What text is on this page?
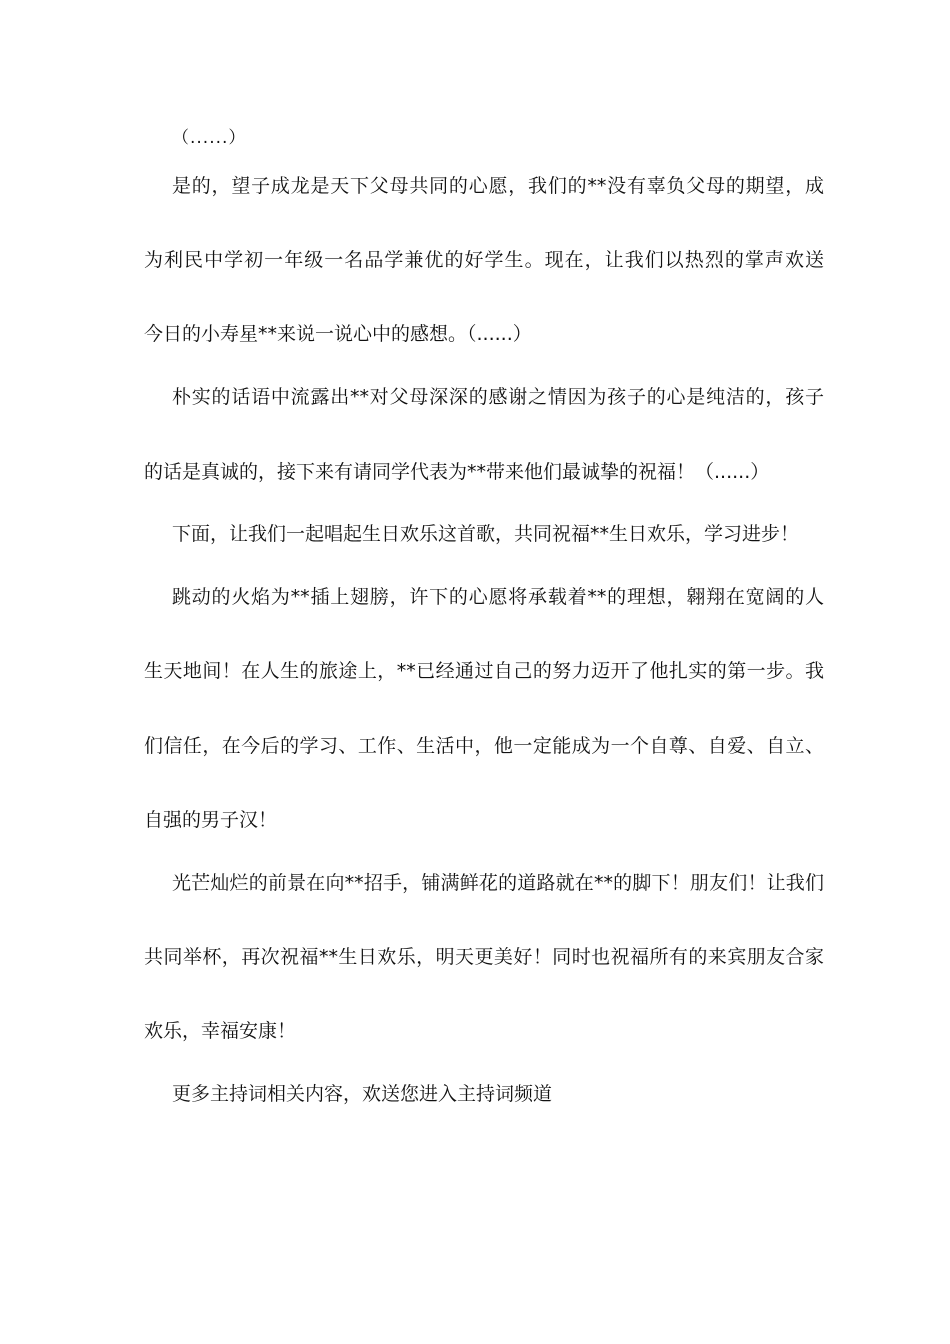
（......）
是的，望子成龙是天下父母共同的心愿，我们的**没有辜负父母的期望，成
为利民中学初一年级一名品学兼优的好学生。现在，让我们以热烈的掌声欢送
今日的小寿星**来说一说心中的感想。（......）
朴实的话语中流露出**对父母深深的感谢之情因为孩子的心是纯洁的，孩子
的话是真诚的，接下来有请同学代表为**带来他们最诚挚的祝福！（......）
下面，让我们一起唱起生日欢乐这首歌，共同祝福**生日欢乐，学习进步！
跳动的火焰为**插上翅膀，许下的心愿将承载着**的理想，翱翔在宽阔的人
生天地间！在人生的旅途上，**已经通过自己的努力迈开了他扎实的第一步。我
们信任，在今后的学习、工作、生活中，他一定能成为一个自尊、自爱、自立、
自强的男子汉！
光芒灿烂的前景在向**招手，铺满鲜花的道路就在**的脚下！朋友们！让我们
共同举杯，再次祝福**生日欢乐，明天更美好！同时也祝福所有的来宾朋友合家
欢乐，幸福安康！
更多主持词相关内容，欢送您进入主持词频道
